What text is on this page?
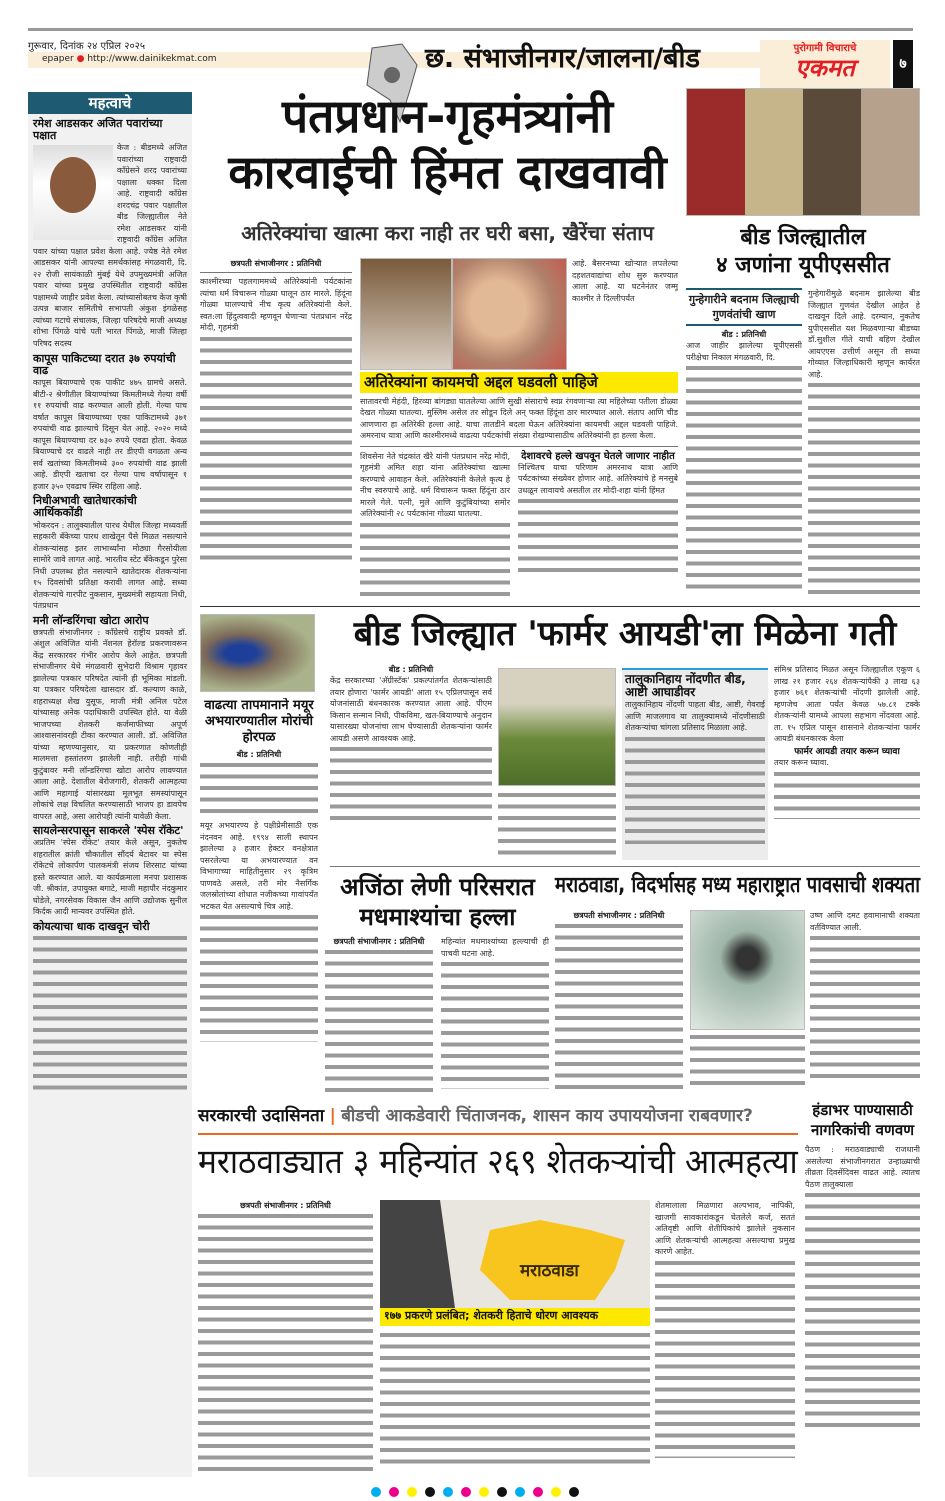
गुरूवार, दिनांक २४ एप्रिल २०२५
epaper ● http://www.dainikekmat.com	छ. संभाजीनगर/जालना/बीड	पुरोगामी विचाराचे
एकमत	७
महत्वाचे
रमेश आडसकर अजित पवारांच्या पक्षात
केज : बीडमध्ये अजित पवारांच्या राष्ट्रवादी कॉंग्रेसने शरद पवारांच्या पक्षाला धक्का दिला आहे. राष्ट्रवादी कॉंग्रेस शरदचंद्र पवार पक्षातील बीड जिल्ह्यातील नेते रमेश आडसकर यांनी राष्ट्रवादी कॉंग्रेस अजित पवार यांच्या पक्षात प्रवेश केला आहे. ज्येष्ठ नेते रमेश आडसकर यांनी आपल्या समर्थकांसह मंगळवारी, दि. २२ रोजी सायंकाळी मुंबई येथे उपमुख्यमंत्री अजित पवार यांच्या प्रमुख उपस्थितीत राष्ट्रवादी कॉंग्रेस पक्षामध्ये जाहीर प्रवेश केला. त्यांच्यासोबतच केज कृषी उत्पन्न बाजार समितीचे सभापती अंकुश इंगळेसह त्यांच्या गटाचे संचालक, जिल्हा परिषदेचे माजी अध्यक्ष शोभा पिंगळे यांचे पती भारत पिंगळे, माजी जिल्हा परिषद सदस्य
कापूस पाकिटच्या दरात ३७ रुपयांची वाढ
कापूस बियाण्याचे एक पाकीट ४७५ ग्रामचे असते. बीटी-२ श्रेणीतील बियाण्यांच्या किमतीमध्ये गेल्या वर्षी ११ रुपयांची वाढ करण्यात आली होती. गेल्या पाच वर्षात कापूस बियाण्याच्या एका पाकिटामध्ये ३७१ रुपयांची वाढ झाल्याचे दिसून येत आहे. २०२० मध्ये कापूस बियाण्याचा दर ७३० रुपये एवढा होता. केवळ बियाण्याचे दर वाढले नाही तर डीएपी वगळता अन्य सर्व खतांच्या किमतीमध्ये ३०० रुपयांची वाढ झाली आहे. डीएपी खताचा दर गेल्या पाच वर्षापासून १ हजार ३५० एवढाच स्थिर राहिला आहे.
निधीअभावी खातेधारकांची आर्थिककोंडी
भोकरदन : तालुक्यातील पारध येथील जिल्हा मध्यवर्ती सहकारी बँकेच्या पारध शाखेतून पैसे मिळत नसल्याने शेतकऱ्यांसह इतर लाभार्थ्यांना मोठ्या गैरसोयीला सामोरे जावे लागत आहे. भारतीय स्टेट बँकेकडून पुरेसा निधी उपलब्ध होत नसल्याने खातेदारक शेतकऱ्यांना १५ दिवसांची प्रतिक्षा करावी लागत आहे. सध्या शेतकऱ्यांचे गारपीट नुकसान, मुख्यमंत्री सहायता निधी, पंतप्रधान
मनी लॉन्डरिंगचा खोटा आरोप
छत्रपती संभाजीनगर : कॉंग्रेसचे राष्ट्रीय प्रवक्ते डॉ. अंशुल अविजित यांनी नॅशनल हेरॉल्ड प्रकरणावरून केंद्र सरकारवर गंभीर आरोप केले आहेत. छत्रपती संभाजीनगर येथे मंगळवारी सुभेदारी विश्राम गृहावर झालेल्या पत्रकार परिषदेत त्यांनी ही भूमिका मांडली. या पत्रकार परिषदेला खासदार डॉ. कल्याण काळे, शहराध्यक्ष शेख युसूफ, माजी मंत्री अनिल पटेल यांच्यासह अनेक पदाधिकारी उपस्थित होते. या वेळी भाजपच्या शेतकरी कर्जमाफीच्या अपूर्ण आश्वासनांवरही टीका करण्यात आली. डॉ. अविजित यांच्या म्हणण्यानुसार, या प्रकरणात कोणतीही मालमत्ता हस्तांतरण झालेली नाही. तरीही गांधी कुटुंबावर मनी लॉन्डरिंगचा खोटा आरोप लावण्यात आला आहे. देशातील बेरोजगारी, शेतकरी आत्महत्या आणि महागाई यांसारख्या मूलभूत समस्यांपासून लोकांचे लक्ष विचलित करण्यासाठी भाजप हा डावपेच वापरत आहे, असा आरोपही त्यांनी यावेळी केला.
सायलेन्सरपासून साकरले 'स्पेस रॉकेट'
अप्रतिम 'स्पेस रॉकेट' तयार केले असून, नुकतेच शहरातील क्रांती चौकातील सौंदर्य बेटावर या स्पेस रॉकेटचे लोकार्पण पालकमंत्री संजय शिरसाट यांच्या हस्ते करण्यात आले. या कार्यक्रमाला मनपा प्रशासक जी. श्रीकांत, उपायुक्त बगाटे, माजी महापौर नंदकुमार घोडेले, नगरसेवक विकास जैन आणि उद्योजक सुनील किर्दक आदी मान्यवर उपस्थित होते.
कोयत्याचा धाक दाखवून चोरी
पंतप्रधान-गृहमंत्र्यांनी
कारवाईची हिंमत दाखवावी
अतिरेक्यांचा खात्मा करा नाही तर घरी बसा, खैरेंचा संताप
छत्रपती संभाजीनगर : प्रतिनिधी
काश्मीरच्या पहलगाममध्ये अतिरेक्यांनी पर्यटकांना त्यांचा धर्म विचारून गोळ्या घालून ठार मारले. हिंदूंना गोळ्या घालण्याचे नीच कृत्य अतिरेक्यांनी केले. स्वत:ला हिंदुत्ववादी म्हणवून घेणाऱ्या पंतप्रधान नरेंद्र मोदी, गृहमंत्री
आहे. बैसरनच्या खोऱ्यात लपलेल्या दहशतवाद्यांचा शोध सुरु करण्यात आला आहे. या घटनेनंतर जम्मू काश्मीर ते दिल्लीपर्यंत
अतिरेक्यांना कायमची अद्दल घडवली पाहिजे
सातावरची मेहंदी, हिरव्या बांगड्या घातलेल्या आणि सुखी संसाराचे स्वप्न रंगवणाऱ्या त्या महिलेच्या पतीला डोळ्या देखत गोळ्या घातल्या. मुस्लिम असेल तर सोडून दिले अन् फक्त हिंदूंना ठार मारण्यात आले. संताप आणि चीड आणणारा हा अतिरेकी हल्ला आहे. याचा तातडीने बदला घेऊन अतिरेक्यांना कायमची अद्दल घडवली पाहिजे. अमरनाथ यात्रा आणि काश्मीरमध्ये वाढत्या पर्यटकांची संख्या रोखण्यासाठीच अतिरेक्यांनी हा हल्ला केला.
शिवसेना नेते चंद्रकांत खैरे यांनी पंतप्रधान नरेंद्र मोदी, गृहमंत्री अमित शहा यांना अतिरेक्यांचा खात्मा करण्याचे आवाहन केले. अतिरेक्यांनी केलेले कृत्य हे नीच स्वरुपाचे आहे. धर्म विचारून फक्त हिंदूंना ठार मारले गेले. पत्नी, मुले आणि कुटुंबियांच्या समोर अतिरेक्यांनी २८ पर्यटकांना गोळ्या घातल्या.
देशावरचे हल्ले खपवून घेतले जाणार नाहीत
निश्चितच याचा परिणाम अमरनाथ यात्रा आणि पर्यटकांच्या संख्येवर होणार आहे. अतिरेक्यांचे हे मनसुबे उधळून लावायचे असतील तर मोदी-शहा यांनी हिंमत
बीड जिल्ह्यातील
४ जणांना यूपीएससीत
गुन्हेगारीने बदनाम जिल्ह्याची गुणवंतांची खाण
बीड : प्रतिनिधी
आज जाहीर झालेल्या यूपीएससी परीक्षेचा निकाल मंगळवारी, दि.
गुन्हेगारीमुळे बदनाम झालेल्या बीड जिल्ह्यात गुणवंत देखील आहेत हे दाखवून दिले आहे. दरम्यान, नुकतेच युपीएससीत यश मिळवणाऱ्या बीडच्या डॉ.सुशील गीते याची बहिण देखील आयएएस उत्तीर्ण असून ती सध्या गोव्यात जिल्हाधिकारी म्हणून कार्यरत आहे.
वाढत्या तापमानाने मयूर अभयारण्यातील मोरांची होरपळ
बीड : प्रतिनिधी
मयूर अभयारण्य हे पक्षीप्रेमीसाठी एक नंदनवन आहे. १९९४ साली स्थापन झालेल्या ३ हजार हेक्टर वनक्षेत्रात पसरलेल्या या अभयारण्यात वन विभागाच्या माहितीनुसार २९ कृत्रिम पाणवठे असले, तरी मोर नैसर्गिक जलस्रोतांच्या शोधात नजीकच्या गावांपर्यंत भटकत येत असल्याचे चित्र आहे.
बीड जिल्ह्यात 'फार्मर आयडी'ला मिळेना गती
बीड : प्रतिनिधी
केंद्र सरकारच्या 'अ‍ॅग्रीस्टॅक' प्रकल्पांतर्गत शेतकऱ्यांसाठी तयार होणारा 'फार्मर आयडी' आता १५ एप्रिलपासून सर्व योजनांसाठी बंधनकारक करण्यात आला आहे. पीएम किसान सन्मान निधी, पीकविमा, खत-बियाण्याचे अनुदान यासारख्या योजनांचा लाभ घेण्यासाठी शेतकऱ्यांना फार्मर आयडी असणे आवश्यक आहे.
तालुकानिहाय नोंदणीत बीड, आष्टी आघाडीवर
तालुकानिहाय नोंदणी पाहता बीड, आष्टी, गेवराई आणि माजलगाव या तालुक्यामध्ये नोंदणीसाठी शेतकऱ्यांचा चांगला प्रतिसाद मिळाला आहे.
संमिश्र प्रतिसाद मिळत असून जिल्ह्यातील एकूण ६ लाख २१ हजार २६४ शेतकऱ्यांपैकी ३ लाख ६३ हजार ७६१ शेतकऱ्यांची नोंदणी झालेली आहे. म्हणजेच आता पर्यंत केवळ ५७.८१ टक्के शेतकऱ्यांनी यामध्ये आपला सहभाग नोंदवला आहे. ता. १५ एप्रिल पासून शासनाने शेतकऱ्यांना फार्मर आयडी बंधनकारक केला
फार्मर आयडी तयार करून घ्यावा
तयार करून घ्यावा.
अजिंठा लेणी परिसरात मधमाश्यांचा हल्ला
छत्रपती संभाजीनगर : प्रतिनिधी	महिन्यांत मधमाश्यांच्या हल्ल्याची ही पाचवी घटना आहे.
मराठवाडा, विदर्भासह मध्य महाराष्ट्रात पावसाची शक्यता
छत्रपती संभाजीनगर : प्रतिनिधी	उष्ण आणि दमट हवामानाची शक्यता वर्तविण्यात आली.
सरकारची उदासिनता | बीडची आकडेवारी चिंताजनक, शासन काय उपाययोजना राबवणार?
मराठवाड्यात ३ महिन्यांत २६९ शेतकऱ्यांची आत्महत्या
छत्रपती संभाजीनगर : प्रतिनिधी
मराठवाडा
१७७ प्रकरणे प्रलंबित; शेतकरी हिताचे धोरण आवश्यक
शेतमालाला मिळणारा अल्पभाव, नापिकी, खाजगी सावकारांकडून घेतलेले कर्ज, सततं अतिवृष्टी आणि शेतीपिकांचे झालेले नुकसान आणि शेतकऱ्यांची आत्महत्या असल्याचा प्रमुख कारणे आहेत.
हंडाभर पाण्यासाठी नागरिकांची वणवण
पैठण : मराठवाड्याची राजधानी असलेल्या संभाजीनगरात उन्हाळ्याची तीव्रता दिवसेंदिवस वाढत आहे. त्यातच पैठण तालुक्याला
